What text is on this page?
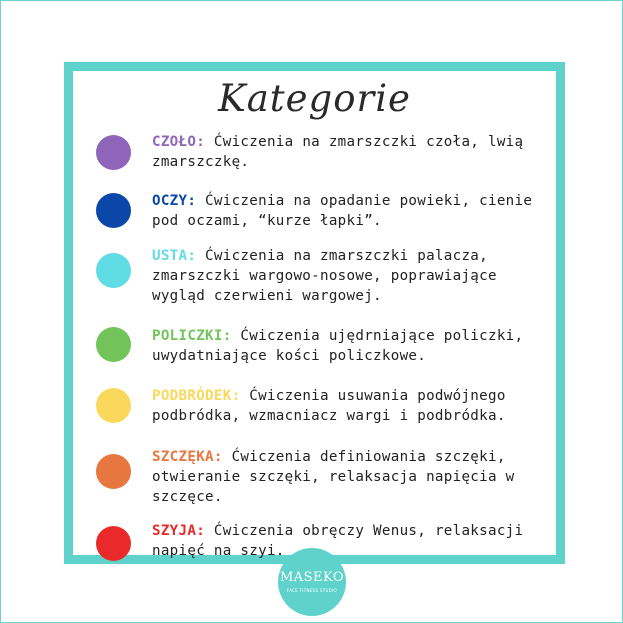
Kategorie
CZOŁO: Ćwiczenia na zmarszczki czoła, lwią zmarszczkę.
OCZY: Ćwiczenia na opadanie powieki, cienie pod oczami, “kurze łapki”.
USTA: Ćwiczenia na zmarszczki palacza, zmarszczki wargowo-nosowe, poprawiające wygląd czerwieni wargowej.
POLICZKI: Ćwiczenia ujędrniające policzki, uwydatniające kości policzkowe.
PODBRÓDEK: Ćwiczenia usuwania podwójnego podbródka, wzmacniacz wargi i podbródka.
SZCZĘKA: Ćwiczenia definiowania szczęki, otwieranie szczęki, relaksacja napięcia w szczęce.
SZYJA: Ćwiczenia obręczy Wenus, relaksacji napięć na szyi.
MASEKO
FACE FITNESS STUDIO
